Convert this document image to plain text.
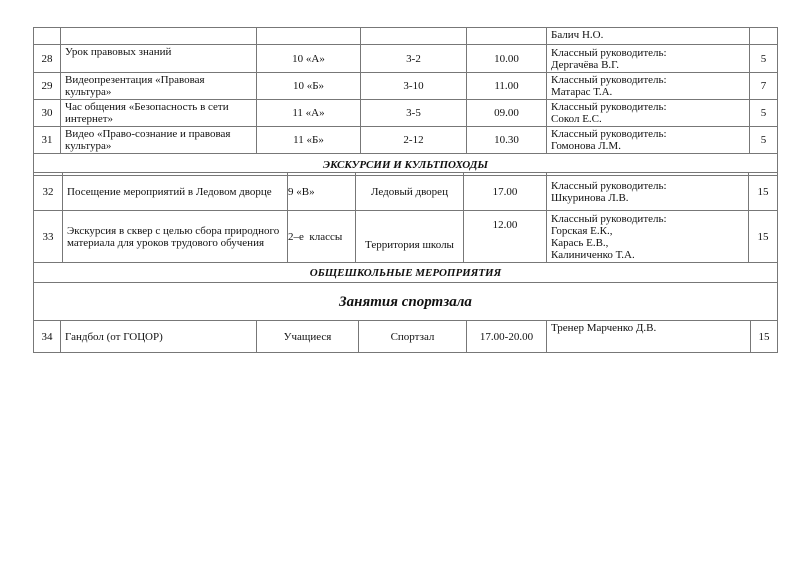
					Балич Н.О.	
28	Урок правовых знаний	10 «А»	3-2	10.00	Классный руководитель:
Дергачёва В.Г.	5
29	Видеопрезентация «Правовая культура»	10 «Б»	3-10	11.00	Классный руководитель:
Матарас Т.А.	7
30	Час общения «Безопасность в сети интернет»	11 «А»	3-5	09.00	Классный руководитель:
Сокол Е.С.	5
31	Видео «Право-сознание и правовая культура»	11 «Б»	2-12	10.30	Классный руководитель:
Гомонова Л.М.	5
ЭКСКУРСИИ И КУЛЬТПОХОДЫ						
32	Посещение мероприятий в Ледовом дворце	9 «В»	Ледовый дворец	17.00	Классный руководитель:
Шкуринова Л.В.	15
33	Экскурсия в сквер с целью сбора природного материала для уроков трудового обучения	2–е  классы	Территория школы	12.00	Классный руководитель:
Горская Е.К.,
Карась Е.В.,
Калиниченко Т.А.	15
ОБЩЕШКОЛЬНЫЕ МЕРОПРИЯТИЯ						
Занятия спортзала						
34	Гандбол (от ГОЦОР)	Учащиеся	Спортзал	17.00-20.00	Тренер Марченко Д.В.	15
